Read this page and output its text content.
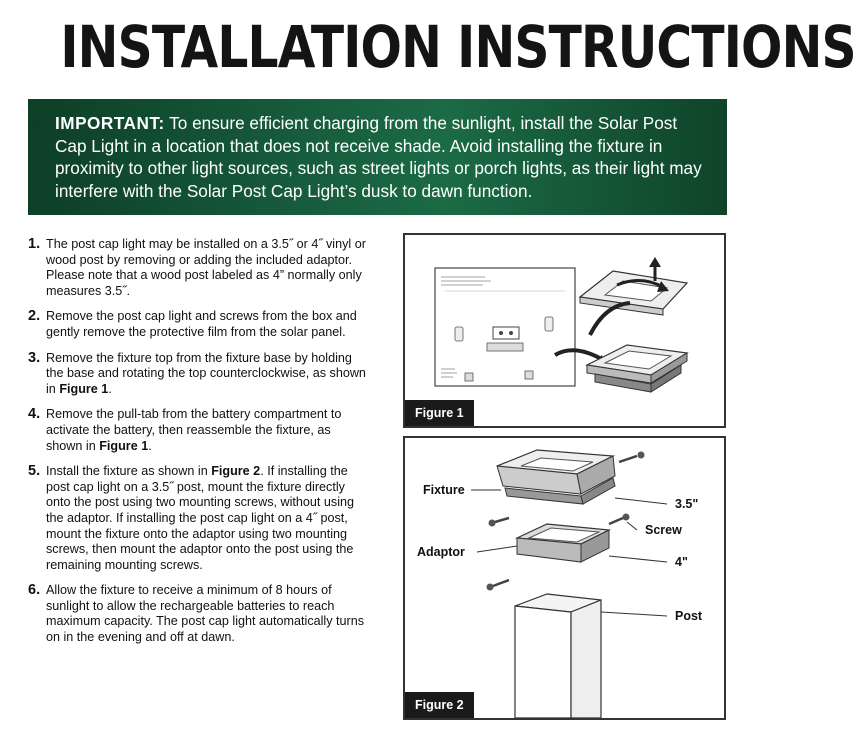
INSTALLATION INSTRUCTIONS
IMPORTANT: To ensure efficient charging from the sunlight, install the Solar Post Cap Light in a location that does not receive shade. Avoid installing the fixture in proximity to other light sources, such as street lights or porch lights, as their light may interfere with the Solar Post Cap Light’s dusk to dawn function.
1. The post cap light may be installed on a 3.5˝ or 4˝ vinyl or wood post by removing or adding the included adaptor. Please note that a wood post labeled as 4” normally only measures 3.5˝.
2. Remove the post cap light and screws from the box and gently remove the protective film from the solar panel.
3. Remove the fixture top from the fixture base by holding the base and rotating the top counterclockwise, as shown in Figure 1.
4. Remove the pull-tab from the battery compartment to activate the battery, then reassemble the fixture, as shown in Figure 1.
5. Install the fixture as shown in Figure 2. If installing the post cap light on a 3.5˝ post, mount the fixture directly onto the post using two mounting screws, without using the adaptor. If installing the post cap light on a 4˝ post, mount the fixture onto the adaptor using two mounting screws, then mount the adaptor onto the post using the remaining mounting screws.
6. Allow the fixture to receive a minimum of 8 hours of sunlight to allow the rechargeable batteries to reach maximum capacity. The post cap light automatically turns on in the evening and off at dawn.
Figure 1
Fixture
3.5"
Screw
Adaptor
4"
Post
Figure 2
